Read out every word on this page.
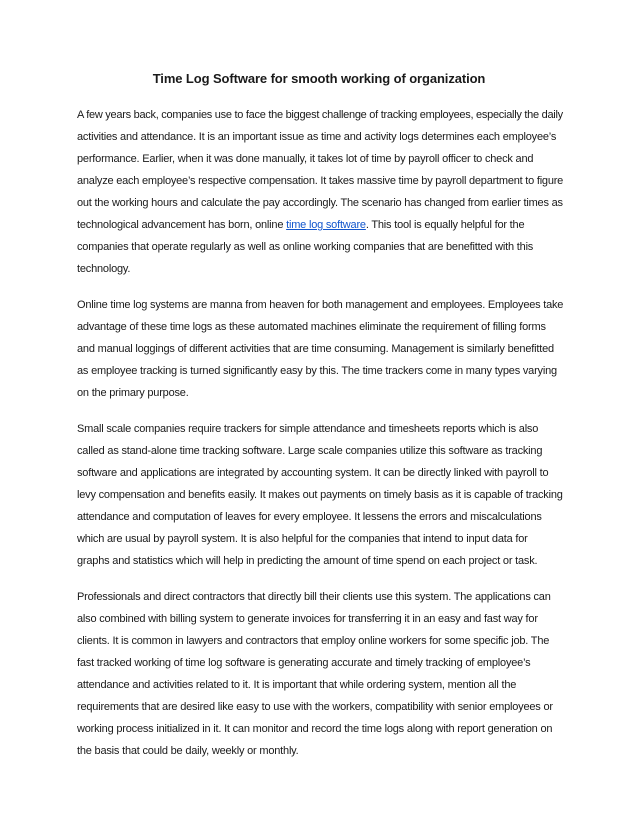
Time Log Software for smooth working of organization

A few years back, companies use to face the biggest challenge of tracking employees, especially the daily
activities and attendance. It is an important issue as time and activity logs determines each employee’s
performance. Earlier, when it was done manually, it takes lot of time by payroll officer to check and
analyze each employee’s respective compensation. It takes massive time by payroll department to figure
out the working hours and calculate the pay accordingly. The scenario has changed from earlier times as
technological advancement has born, online time log software. This tool is equally helpful for the
companies that operate regularly as well as online working companies that are benefitted with this
technology.

Online time log systems are manna from heaven for both management and employees. Employees take
advantage of these time logs as these automated machines eliminate the requirement of filling forms
and manual loggings of different activities that are time consuming. Management is similarly benefitted
as employee tracking is turned significantly easy by this. The time trackers come in many types varying
on the primary purpose.

Small scale companies require trackers for simple attendance and timesheets reports which is also
called as stand-alone time tracking software. Large scale companies utilize this software as tracking
software and applications are integrated by accounting system. It can be directly linked with payroll to
levy compensation and benefits easily. It makes out payments on timely basis as it is capable of tracking
attendance and computation of leaves for every employee. It lessens the errors and miscalculations
which are usual by payroll system. It is also helpful for the companies that intend to input data for
graphs and statistics which will help in predicting the amount of time spend on each project or task.

Professionals and direct contractors that directly bill their clients use this system. The applications can
also combined with billing system to generate invoices for transferring it in an easy and fast way for
clients. It is common in lawyers and contractors that employ online workers for some specific job. The
fast tracked working of time log software is generating accurate and timely tracking of employee’s
attendance and activities related to it. It is important that while ordering system, mention all the
requirements that are desired like easy to use with the workers, compatibility with senior employees or
working process initialized in it. It can monitor and record the time logs along with report generation on
the basis that could be daily, weekly or monthly.
